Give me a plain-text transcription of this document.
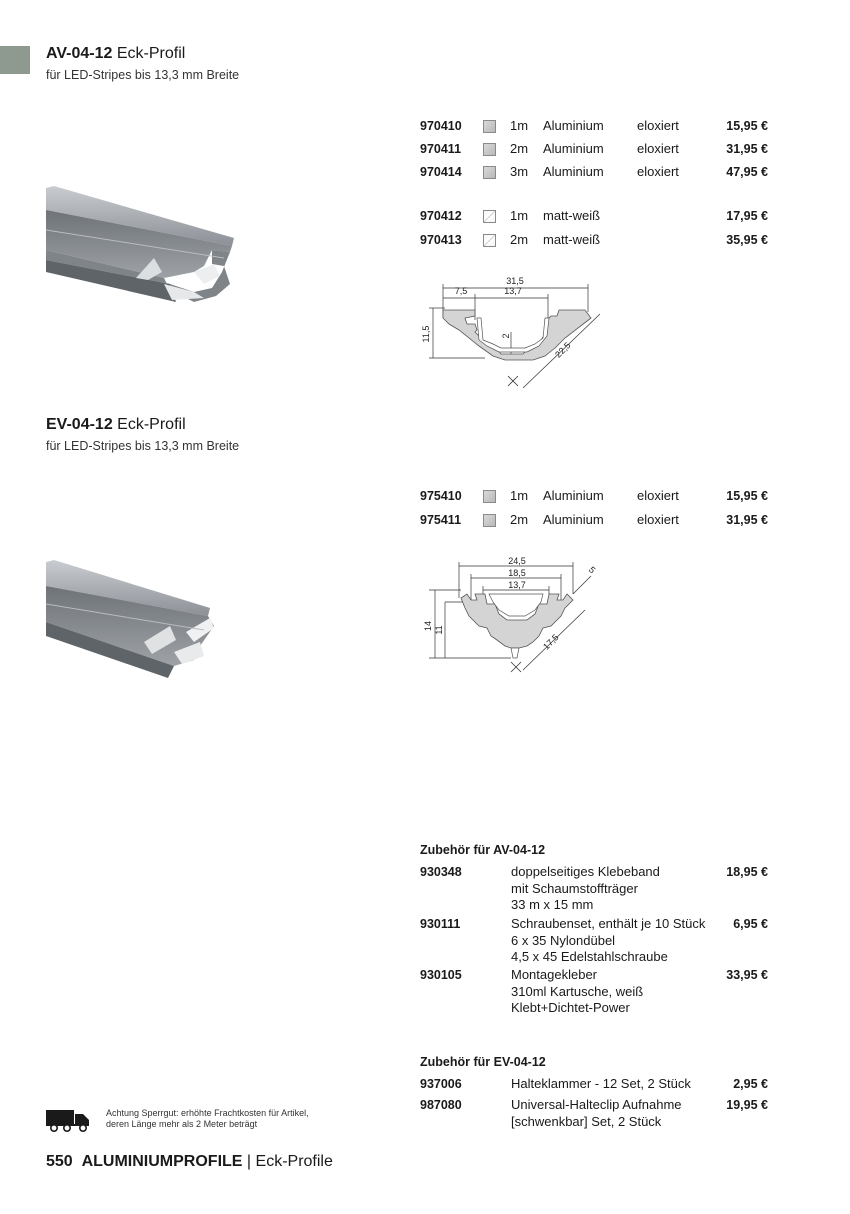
AV-04-12 Eck-Profil
für LED-Stripes bis 13,3 mm Breite
970410	1m Aluminium	eloxiert	15,95 €
970411	2m Aluminium	eloxiert	31,95 €
970414	3m Aluminium	eloxiert	47,95 €
970412	1m matt-weiß	17,95 €
970413	2m matt-weiß	35,95 €
31,5
7,5	13,7
11,5	2
22,5
EV-04-12 Eck-Profil
für LED-Stripes bis 13,3 mm Breite
975410	1m Aluminium	eloxiert	15,95 €
975411	2m Aluminium	eloxiert	31,95 €
24,5
18,5
13,7
14 11
5
17,5
Zubehör für AV-04-12
930348	doppelseitiges Klebeband
mit Schaumstoffträger
33 m x 15 mm
18,95 €
930111	Schraubenset, enthält je 10 Stück
6 x 35 Nylondübel
4,5 x 45 Edelstahlschraube
6,95 €
930105	Montagekleber
310ml Kartusche, weiß
Klebt+Dichtet-Power
33,95 €
Zubehör für EV-04-12
937006	Halteklammer - 12 Set, 2 Stück	2,95 €
987080	Universal-Halteclip Aufnahme
[schwenkbar] Set, 2 Stück
19,95 €
Achtung Sperrgut: erhöhte Frachtkosten für Artikel,
deren Länge mehr als 2 Meter beträgt
550 ALUMINIUMPROFILE | Eck-Profile
